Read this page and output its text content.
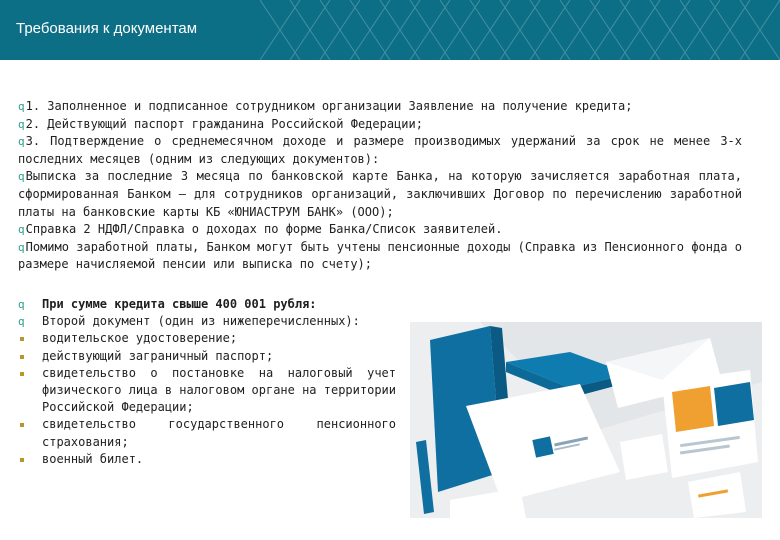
Требования к документам

q1. Заполненное и подписанное сотрудником организации Заявление на получение кредита;

q2. Действующий паспорт гражданина Российской Федерации;

q3. Подтверждение о среднемесячном доходе и размере производимых удержаний за срок не менее 3-х последних месяцев (одним из следующих документов):

qВыписка за последние 3 месяца по банковской карте Банка, на которую зачисляется заработная плата, сформированная Банком – для сотрудников организаций, заключивших Договор по перечислению заработной платы на банковские карты КБ «ЮНИАСТРУМ БАНК» (ООО);

qСправка 2 НДФЛ/Справка о доходах по форме Банка/Список заявителей.

qПомимо заработной платы, Банком могут быть учтены пенсионные доходы (Справка из Пенсионного фонда о размере начисляемой пенсии или выписка по счету);

q При сумме кредита свыше 400 001 рубля:
q Второй документ (один из нижеперечисленных):
водительское удостоверение;
действующий заграничный паспорт;
свидетельство о постановке на налоговый учет физического лица в налоговом органе на территории Российской Федерации;
свидетельство государственного пенсионного страхования;
военный билет.
